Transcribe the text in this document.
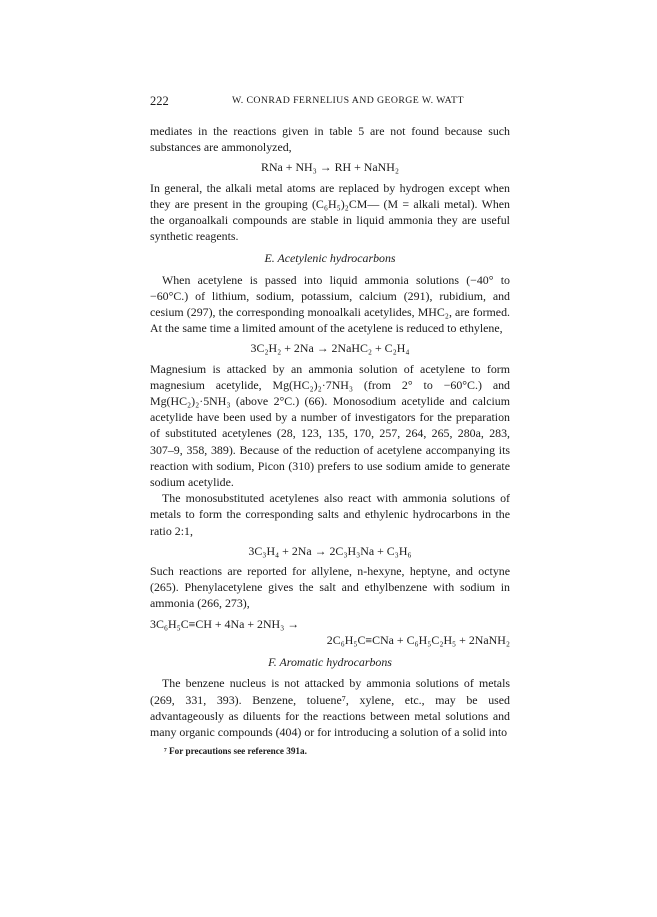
222	W. CONRAD FERNELIUS AND GEORGE W. WATT

mediates in the reactions given in table 5 are not found because such substances are ammonolyzed,

RNa + NH₃ → RH + NaNH₂

In general, the alkali metal atoms are replaced by hydrogen except when they are present in the grouping (C₆H₅)₂CM— (M = alkali metal). When the organoalkali compounds are stable in liquid ammonia they are useful synthetic reagents.

E. Acetylenic hydrocarbons

When acetylene is passed into liquid ammonia solutions (−40° to −60°C.) of lithium, sodium, potassium, calcium (291), rubidium, and cesium (297), the corresponding monoalkali acetylides, MHC₂, are formed. At the same time a limited amount of the acetylene is reduced to ethylene,

3C₂H₂ + 2Na → 2NaHC₂ + C₂H₄

Magnesium is attacked by an ammonia solution of acetylene to form magnesium acetylide, Mg(HC₂)₂·7NH₃ (from 2° to −60°C.) and Mg(HC₂)₂·5NH₃ (above 2°C.) (66). Monosodium acetylide and calcium acetylide have been used by a number of investigators for the preparation of substituted acetylenes (28, 123, 135, 170, 257, 264, 265, 280a, 283, 307–9, 358, 389). Because of the reduction of acetylene accompanying its reaction with sodium, Picon (310) prefers to use sodium amide to generate sodium acetylide.

The monosubstituted acetylenes also react with ammonia solutions of metals to form the corresponding salts and ethylenic hydrocarbons in the ratio 2:1,

3C₃H₄ + 2Na → 2C₃H₃Na + C₃H₆

Such reactions are reported for allylene, n-hexyne, heptyne, and octyne (265). Phenylacetylene gives the salt and ethylbenzene with sodium in ammonia (266, 273),

3C₆H₅C≡CH + 4Na + 2NH₃ →
2C₆H₅C≡CNa + C₆H₅C₂H₅ + 2NaNH₂
F. Aromatic hydrocarbons

The benzene nucleus is not attacked by ammonia solutions of metals (269, 331, 393). Benzene, toluene⁷, xylene, etc., may be used advantageously as diluents for the reactions between metal solutions and many organic compounds (404) or for introducing a solution of a solid into

⁷ For precautions see reference 391a.
